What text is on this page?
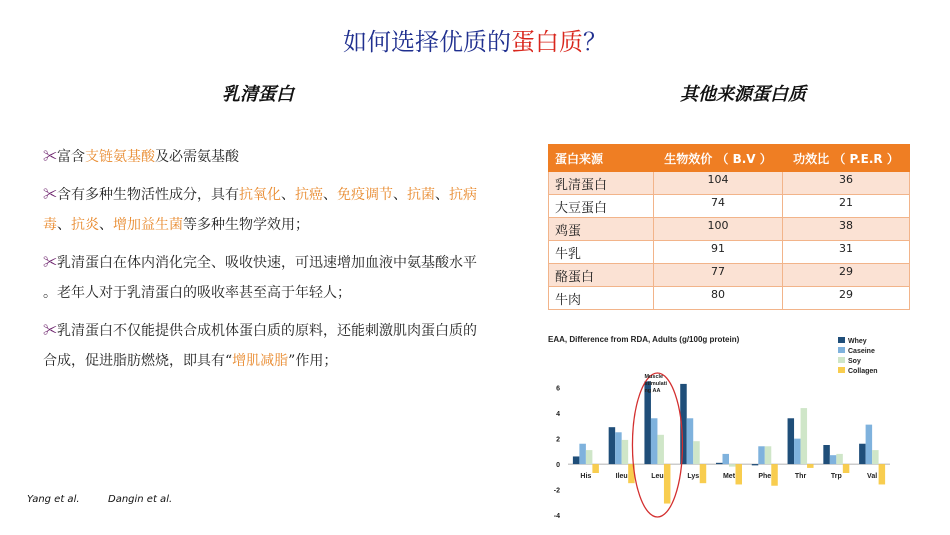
如何选择优质的蛋白质？
乳清蛋白	其他来源蛋白质

✂富含支链氨基酸及必需氨基酸

✂含有多种生物活性成分，具有抗氧化、抗癌、免疫调节、抗菌、抗病毒、抗炎、增加益生菌等多种生物学效用；

✂乳清蛋白在体内消化完全、吸收快速，可迅速增加血液中氨基酸水平 。老年人对于乳清蛋白的吸收率甚至高于年轻人；

✂乳清蛋白不仅能提供合成机体蛋白质的原料，还能刺激肌肉蛋白质的合成，促进脂肪燃烧，即具有“增肌减脂”作用；

Yang et al.	Dangin et al.
蛋白来源	生物效价 （ B.V ）	功效比 （ P.E.R ）
乳清蛋白	104	36
大豆蛋白	74	21
鸡蛋	100	38
牛乳	91	31
酪蛋白	77	29
牛肉	80	29
EAA, Difference from RDA, Adults (g/100g protein)
-4
-2
0
2
4
6
His	Ileu	Leu	Lys	Met	Phe	Thr	Trp	Val
Whey
Caseine
Soy
Collagen
Muscle
stimulati
ng AA
